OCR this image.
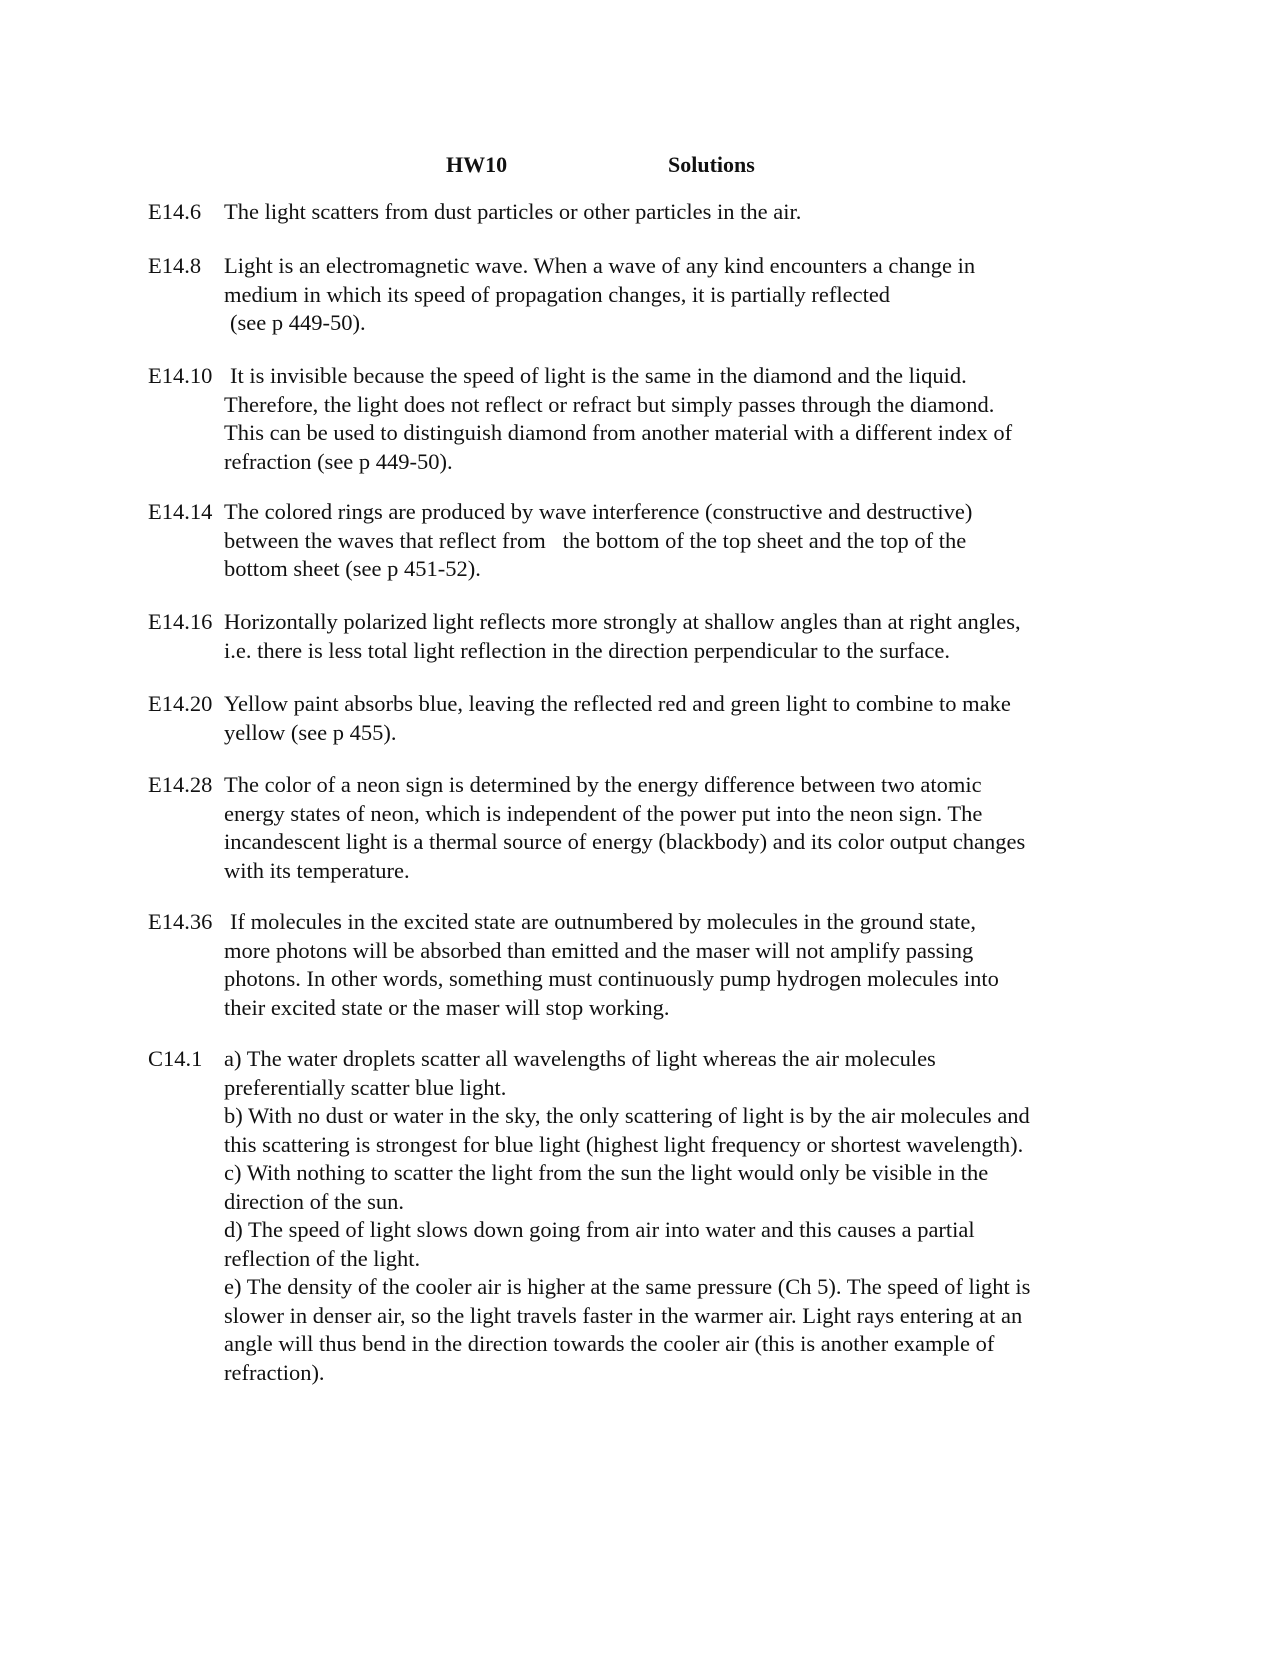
HW10	Solutions
E14.6 The light scatters from dust particles or other particles in the air.

E14.8 Light is an electromagnetic wave. When a wave of any kind encounters a change in

medium in which its speed of propagation changes, it is partially reflected

(see p 449-50).

E14.10 It is invisible because the speed of light is the same in the diamond and the liquid.

Therefore, the light does not reflect or refract but simply passes through the diamond.

This can be used to distinguish diamond from another material with a different index of

refraction (see p 449-50).

E14.14 The colored rings are produced by wave interference (constructive and destructive)

between the waves that reflect from   the bottom of the top sheet and the top of the

bottom sheet (see p 451-52).

E14.16 Horizontally polarized light reflects more strongly at shallow angles than at right angles,

i.e. there is less total light reflection in the direction perpendicular to the surface.

E14.20 Yellow paint absorbs blue, leaving the reflected red and green light to combine to make

yellow (see p 455).

E14.28 The color of a neon sign is determined by the energy difference between two atomic

energy states of neon, which is independent of the power put into the neon sign. The

incandescent light is a thermal source of energy (blackbody) and its color output changes

with its temperature.

E14.36 If molecules in the excited state are outnumbered by molecules in the ground state,

more photons will be absorbed than emitted and the maser will not amplify passing

photons. In other words, something must continuously pump hydrogen molecules into

their excited state or the maser will stop working.

C14.1 a) The water droplets scatter all wavelengths of light whereas the air molecules

preferentially scatter blue light.

b) With no dust or water in the sky, the only scattering of light is by the air molecules and

this scattering is strongest for blue light (highest light frequency or shortest wavelength).

c) With nothing to scatter the light from the sun the light would only be visible in the

direction of the sun.

d) The speed of light slows down going from air into water and this causes a partial

reflection of the light.

e) The density of the cooler air is higher at the same pressure (Ch 5). The speed of light is

slower in denser air, so the light travels faster in the warmer air. Light rays entering at an

angle will thus bend in the direction towards the cooler air (this is another example of

refraction).
